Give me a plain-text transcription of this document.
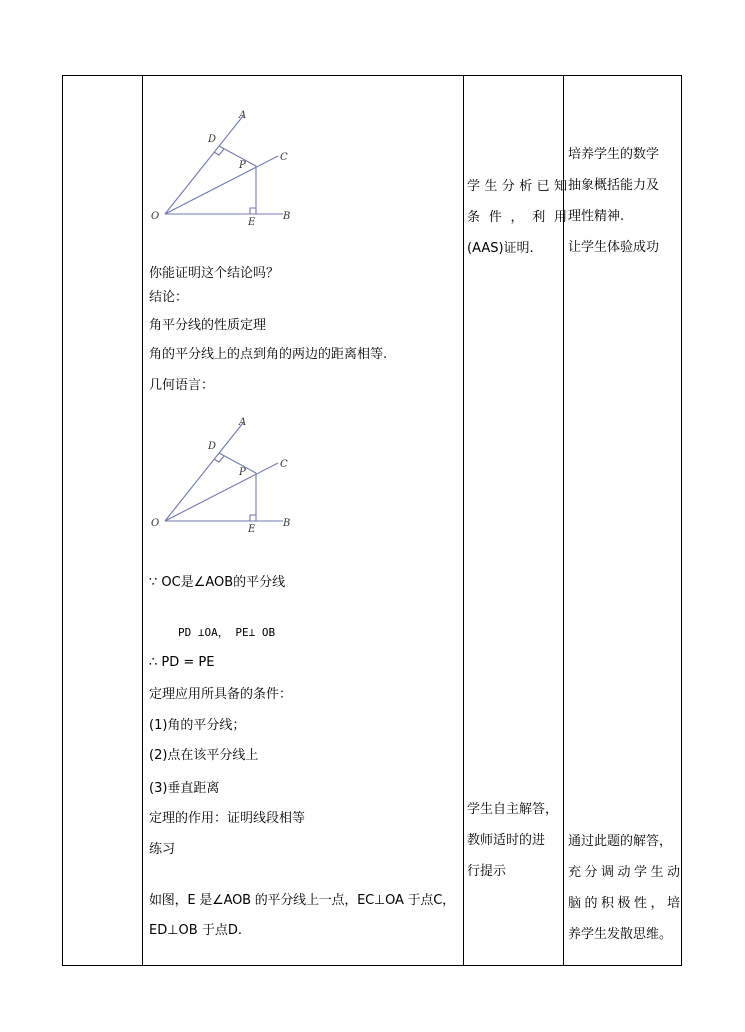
A
D
C
P
O
E
B
你能证明这个结论吗？
结论：
角平分线的性质定理
角的平分线上的点到角的两边的距离相等.
几何语言：
A
D
C
P
O
E
B
∵ OC是∠AOB的平分线
PD ⊥OA， PE⊥ OB
∴ PD = PE
定理应用所具备的条件：
(1)角的平分线；
(2)点在该平分线上
(3)垂直距离
定理的作用：证明线段相等
练习
如图，E 是∠AOB 的平分线上一点，EC⊥OA 于点C，
ED⊥OB 于点D.
学生分析已知
条件，利用
(AAS)证明.
学生自主解答，
教师适时的进
行提示
培养学生的数学
抽象概括能力及
理性精神.
让学生体验成功
通过此题的解答，
充分调动学生动
脑的积极性，培
养学生发散思维。
